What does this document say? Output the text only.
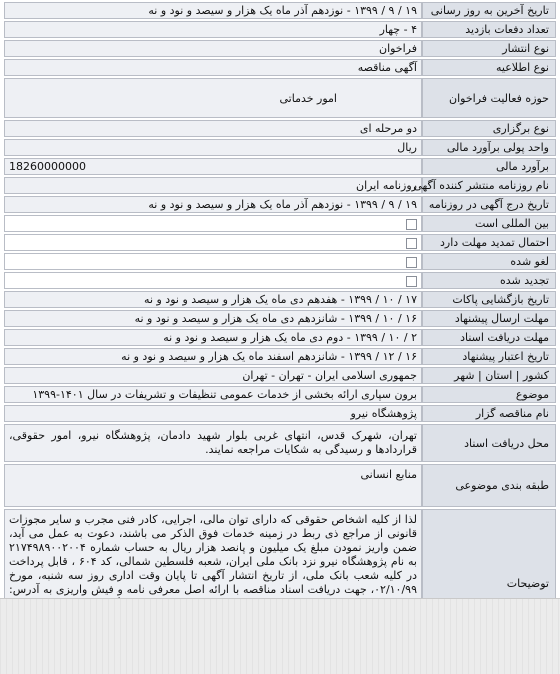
تاریخ آخرین به روز رسانی	۱۹ / ۹ / ۱۳۹۹ - نوزدهم آذر ماه یک هزار و سیصد و نود و نه
تعداد دفعات بازدید	۴ - چهار
نوع انتشار	فراخوان
نوع اطلاعیه	آگهی مناقصه
حوزه فعالیت فراخوان	امور خدماتی
نوع برگزاری	دو مرحله ای
واحد پولی برآورد مالی	ریال
برآورد مالی	18260000000
نام روزنامه منتشر کننده آگهی	روزنامه ایران
تاریخ درج آگهی در روزنامه	۱۹ / ۹ / ۱۳۹۹ - نوزدهم آذر ماه یک هزار و سیصد و نود و نه
بین المللی است	
احتمال تمدید مهلت دارد	
لغو شده	
تجدید شده	
تاریخ بازگشایی پاکات	۱۷ / ۱۰ / ۱۳۹۹ - هفدهم دی ماه یک هزار و سیصد و نود و نه
مهلت ارسال پیشنهاد	۱۶ / ۱۰ / ۱۳۹۹ - شانزدهم دی ماه یک هزار و سیصد و نود و نه
مهلت دریافت اسناد	۲ / ۱۰ / ۱۳۹۹ - دوم دی ماه یک هزار و سیصد و نود و نه
تاریخ اعتبار پیشنهاد	۱۶ / ۱۲ / ۱۳۹۹ - شانزدهم اسفند ماه یک هزار و سیصد و نود و نه
کشور | استان | شهر	جمهوری اسلامی ایران - تهران - تهران
موضوع	برون سپاری ارائه بخشی از خدمات عمومی تنظیفات و تشریفات در سال ۱۴۰۱-۱۳۹۹
نام مناقصه گزار	پژوهشگاه نیرو
محل دریافت اسناد	تهران، شهرک قدس، انتهای غربی بلوار شهید دادمان، پژوهشگاه نیرو، امور حقوقی، قراردادها و رسیدگی به شکایات مراجعه نمایند.
طبقه بندی موضوعی	منابع انسانی
توضیحات	لذا از کلیه اشخاص حقوقی که دارای توان مالی، اجرایی، کادر فنی مجرب و سایر مجوزات قانونی از مراجع ذی ربط در زمینه خدمات فوق الذکر می باشند، دعوت به عمل می آید، ضمن واریز نمودن مبلغ یک میلیون و پانصد هزار ریال به حساب شماره ۲۱۷۴۹۸۹۰۰۲۰۰۴ به نام پژوهشگاه نیرو نزد بانک ملی ایران، شعبه فلسطین شمالی، کد ۶۰۴ ، قابل پرداخت در کلیه شعب بانک ملی، از تاریخ انتشار آگهی تا پایان وقت اداری روز سه شنبه، مورخ ۰۲/۱۰/۹۹، جهت دریافت اسناد مناقصه با ارائه اصل معرفی نامه و فیش واریزی به آدرس:
